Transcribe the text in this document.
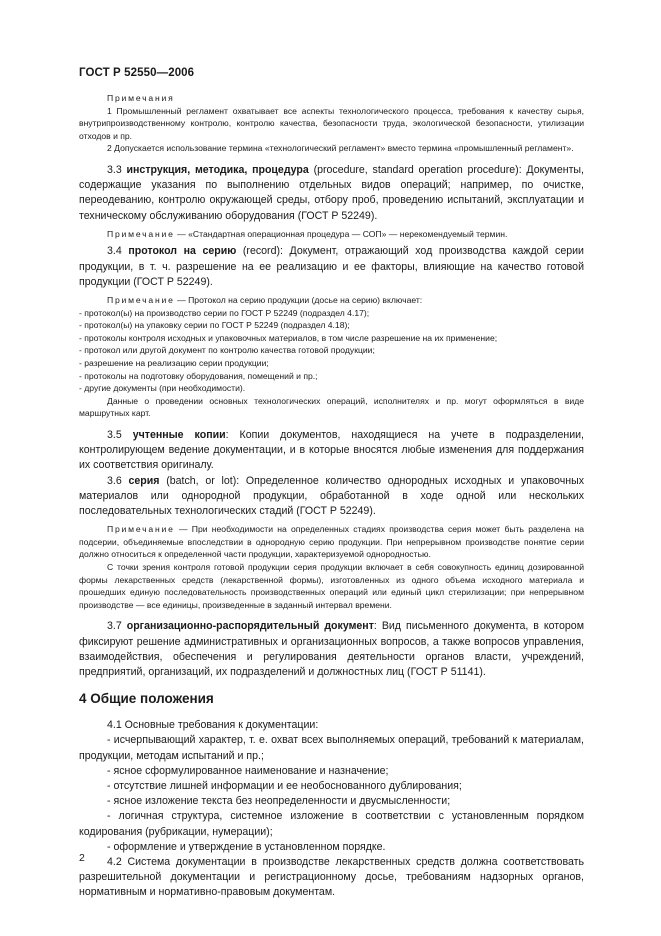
ГОСТ Р 52550—2006

Примечания

1 Промышленный регламент охватывает все аспекты технологического процесса, требования к качеству сырья, внутрипроизводственному контролю, контролю качества, безопасности труда, экологической безопасности, утилизации отходов и пр.

2 Допускается использование термина «технологический регламент» вместо термина «промышленный регламент».

3.3 инструкция, методика, процедура (procedure, standard operation procedure): Документы, содержащие указания по выполнению отдельных видов операций; например, по очистке, переодеванию, контролю окружающей среды, отбору проб, проведению испытаний, эксплуатации и техническому обслуживанию оборудования (ГОСТ Р 52249).

Примечание — «Стандартная операционная процедура — СОП» — нерекомендуемый термин.

3.4 протокол на серию (record): Документ, отражающий ход производства каждой серии продукции, в т. ч. разрешение на ее реализацию и ее факторы, влияющие на качество готовой продукции (ГОСТ Р 52249).

Примечание — Протокол на серию продукции (досье на серию) включает:

- протокол(ы) на производство серии по ГОСТ Р 52249 (подраздел 4.17);

- протокол(ы) на упаковку серии по ГОСТ Р 52249 (подраздел 4.18);

- протоколы контроля исходных и упаковочных материалов, в том числе разрешение на их применение;

- протокол или другой документ по контролю качества готовой продукции;

- разрешение на реализацию серии продукции;

- протоколы на подготовку оборудования, помещений и пр.;

- другие документы (при необходимости).

Данные о проведении основных технологических операций, исполнителях и пр. могут оформляться в виде маршрутных карт.

3.5 учтенные копии: Копии документов, находящиеся на учете в подразделении, контролирующем ведение документации, и в которые вносятся любые изменения для поддержания их соответствия оригиналу.

3.6 серия (batch, or lot): Определенное количество однородных исходных и упаковочных материалов или однородной продукции, обработанной в ходе одной или нескольких последовательных технологических стадий (ГОСТ Р 52249).

Примечание — При необходимости на определенных стадиях производства серия может быть разделена на подсерии, объединяемые впоследствии в однородную серию продукции. При непрерывном производстве понятие серии должно относиться к определенной части продукции, характеризуемой однородностью.

С точки зрения контроля готовой продукции серия продукции включает в себя совокупность единиц дозированной формы лекарственных средств (лекарственной формы), изготовленных из одного объема исходного материала и прошедших единую последовательность производственных операций или единый цикл стерилизации; при непрерывном производстве — все единицы, произведенные в заданный интервал времени.

3.7 организационно-распорядительный документ: Вид письменного документа, в котором фиксируют решение административных и организационных вопросов, а также вопросов управления, взаимодействия, обеспечения и регулирования деятельности органов власти, учреждений, предприятий, организаций, их подразделений и должностных лиц (ГОСТ Р 51141).

4 Общие положения

4.1 Основные требования к документации:

- исчерпывающий характер, т. е. охват всех выполняемых операций, требований к материалам, продукции, методам испытаний и пр.;

- ясное сформулированное наименование и назначение;

- отсутствие лишней информации и ее необоснованного дублирования;

- ясное изложение текста без неопределенности и двусмысленности;

- логичная структура, системное изложение в соответствии с установленным порядком кодирования (рубрикации, нумерации);

- оформление и утверждение в установленном порядке.

4.2 Система документации в производстве лекарственных средств должна соответствовать разрешительной документации и регистрационному досье, требованиям надзорных органов, нормативным и нормативно-правовым документам.

2
